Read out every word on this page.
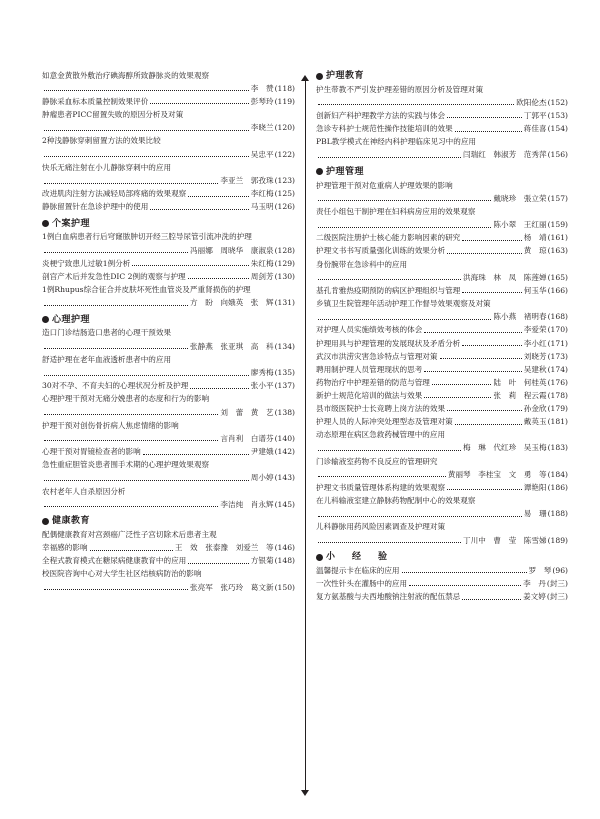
如意金黄散外敷治疗碘海醇所致静脉炎的效果观察
李　赞 (118)
静脉采血标本质量控制效果评价	彭琴玲 (119)
肿瘤患者PICC留置失败的原因分析及对策
李晓兰 (120)
2种浅静脉穿刺留置方法的效果比较
吴忠平 (122)
快乐无痛注射在小儿静脉穿刺中的应用
李亚兰　郭孜珠 (123)
改进肌肉注射方法减轻局部疼痛的效果观察	李红梅 (125)
静脉留置针在急诊护理中的使用	马玉明 (126)
个案护理
1例白血病患者行后穹窿脓肿切开经三腔导尿管引流冲洗的护理
冯丽娜　周晓华　康淑泉 (128)
炎梗宁致患儿过敏1例分析	朱红梅 (129)
剖宫产术后并发急性DIC 2例的观察与护理	周剑芳 (130)
1例Rhupus综合征合并皮肤坏死性血管炎及严重肾损伤的护理
方　盼　向娥英　张　辉 (131)
心理护理
造口门诊结肠造口患者的心理干预效果
张静燕　张亚琪　高　科 (134)
舒适护理在老年血液透析患者中的应用
廖秀梅 (135)
30对不孕、不育夫妇的心理状况分析及护理	张小平 (137)
心理护理干预对无痛分娩患者的态度和行为的影响
刘　蕾　黄　艺 (138)
护理干预对创伤骨折病人焦虑情绪的影响
言肖利　白谱芬 (140)
心理干预对胃镜检查者的影响	尹建娥 (142)
急性重症胆管炎患者围手术期的心理护理效果观察
周小婷 (143)
农村老年人自杀原因分析
李洁纯　肖永辉 (145)
健康教育
配偶健康教育对宫颈癌广泛性子宫切除术后患者主观
幸福感的影响	王　效　张泰豫　刘爱兰　等 (146)
全程式教育模式在糖尿病健康教育中的应用	方银菊 (148)
校医院咨询中心对大学生社区结核病防治的影响
张亮军　张巧玲　葛文新 (150)
护理教育
护生带教不严引发护理差错的原因分析及管理对策
欧阳伦杰 (152)
创新妇产科护理教学方法的实践与体会	丁郭平 (153)
急诊专科护士规范性操作技能培训的效果	蒋佳喜 (154)
PBL教学模式在神经内科护理临床见习中的应用
闫瑞红　韩淑芳　范秀萍 (156)
护理管理
护理管理干预对危重病人护理效果的影响
戴晓珍　張立荣 (157)
责任小组包干制护理在妇科病房应用的效果观察
陈小翠　王红丽 (159)
二级医院注册护士核心能力影响因素的研究	杨　靖 (161)
护理文书书写质量强化训练的效果分析	黄　琼 (163)
身份腕带在急诊科中的应用
洪海珠　林　凤　陈莲婵 (165)
基孔肯雅热疫期预防的病区护理组织与管理	何玉华 (166)
乡镇卫生院管理年活动护理工作督导效果观察及对策
陈小燕　褚明春 (168)
对护理人员实施绩效考核的体会	李爱荣 (170)
护理用具与护理管理的发展现状及矛盾分析	李小红 (171)
武汉市洪涝灾害急诊特点与管理对策	刘晓芳 (173)
聘用制护理人员管理现状的思考	吴建秋 (174)
药物治疗中护理差错的防范与管理	陆　叶　何桂英 (176)
新护士规范化培训的做法与效果	张　莉　程云霞 (178)
县市级医院护士长竞聘上岗方法的效果	孙金欣 (179)
护理人员的人际冲突处理型态及管理对策	戴英玉 (181)
动态原理在病区急救药械管理中的应用
梅　琳　代红珍　吴玉梅 (183)
门诊输液室药物不良反应的管理研究
黄丽琴　李桂宝　文　勇　等 (184)
护理文书质量管理体系构建的效果观察	谭艳阳 (186)
在儿科输液室建立静脉药物配制中心的效果观察
易　珊 (188)
儿科静脉用药风险因素调查及护理对策
丁川中　曹　莹　陈雪娣 (189)
小　经　验
温馨提示卡在临床的应用	罗　琴 (96)
一次性针头在灌肠中的应用	李　丹 (封三)
复方氨基酸与夫西地酸钠注射液的配伍禁忌	姜文婷 (封三)
